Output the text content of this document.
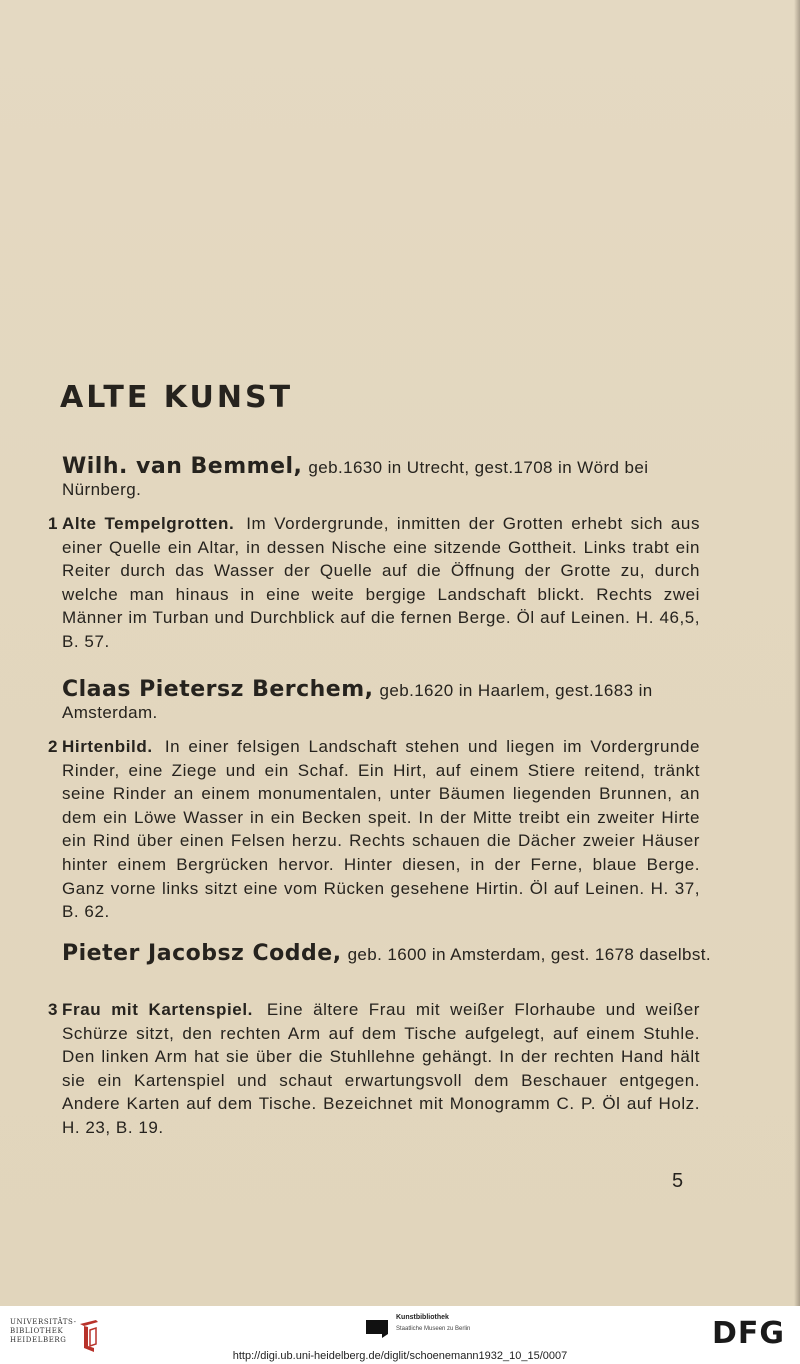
ALTE KUNST
Wilh. van Bemmel, geb.1630 in Utrecht, gest.1708 in Wörd bei Nürnberg.
1 Alte Tempelgrotten. Im Vordergrunde, inmitten der Grotten erhebt sich aus einer Quelle ein Altar, in dessen Nische eine sitzende Gottheit. Links trabt ein Reiter durch das Wasser der Quelle auf die Öffnung der Grotte zu, durch welche man hinaus in eine weite bergige Landschaft blickt. Rechts zwei Männer im Turban und Durchblick auf die fernen Berge. Öl auf Leinen. H. 46,5, B. 57.
Claas Pietersz Berchem, geb.1620 in Haarlem, gest.1683 in Amsterdam.
2 Hirtenbild. In einer felsigen Landschaft stehen und liegen im Vordergrunde Rinder, eine Ziege und ein Schaf. Ein Hirt, auf einem Stiere reitend, tränkt seine Rinder an einem monumentalen, unter Bäumen liegenden Brunnen, an dem ein Löwe Wasser in ein Becken speit. In der Mitte treibt ein zweiter Hirte ein Rind über einen Felsen herzu. Rechts schauen die Dächer zweier Häuser hinter einem Bergrücken hervor. Hinter diesen, in der Ferne, blaue Berge. Ganz vorne links sitzt eine vom Rücken gesehene Hirtin. Öl auf Leinen. H. 37, B. 62.
Pieter Jacobsz Codde, geb. 1600 in Amsterdam, gest. 1678 daselbst.
3 Frau mit Kartenspiel. Eine ältere Frau mit weißer Florhaube und weißer Schürze sitzt, den rechten Arm auf dem Tische aufgelegt, auf einem Stuhle. Den linken Arm hat sie über die Stuhllehne gehängt. In der rechten Hand hält sie ein Kartenspiel und schaut erwartungsvoll dem Beschauer entgegen. Andere Karten auf dem Tische. Bezeichnet mit Monogramm C. P. Öl auf Holz. H. 23, B. 19.
5
UNIVERSITÄTS-
BIBLIOTHEK
HEIDELBERG
Kunstbibliothek
Staatliche Museen zu Berlin	DFG
http://digi.ub.uni-heidelberg.de/diglit/schoenemann1932_10_15/0007
